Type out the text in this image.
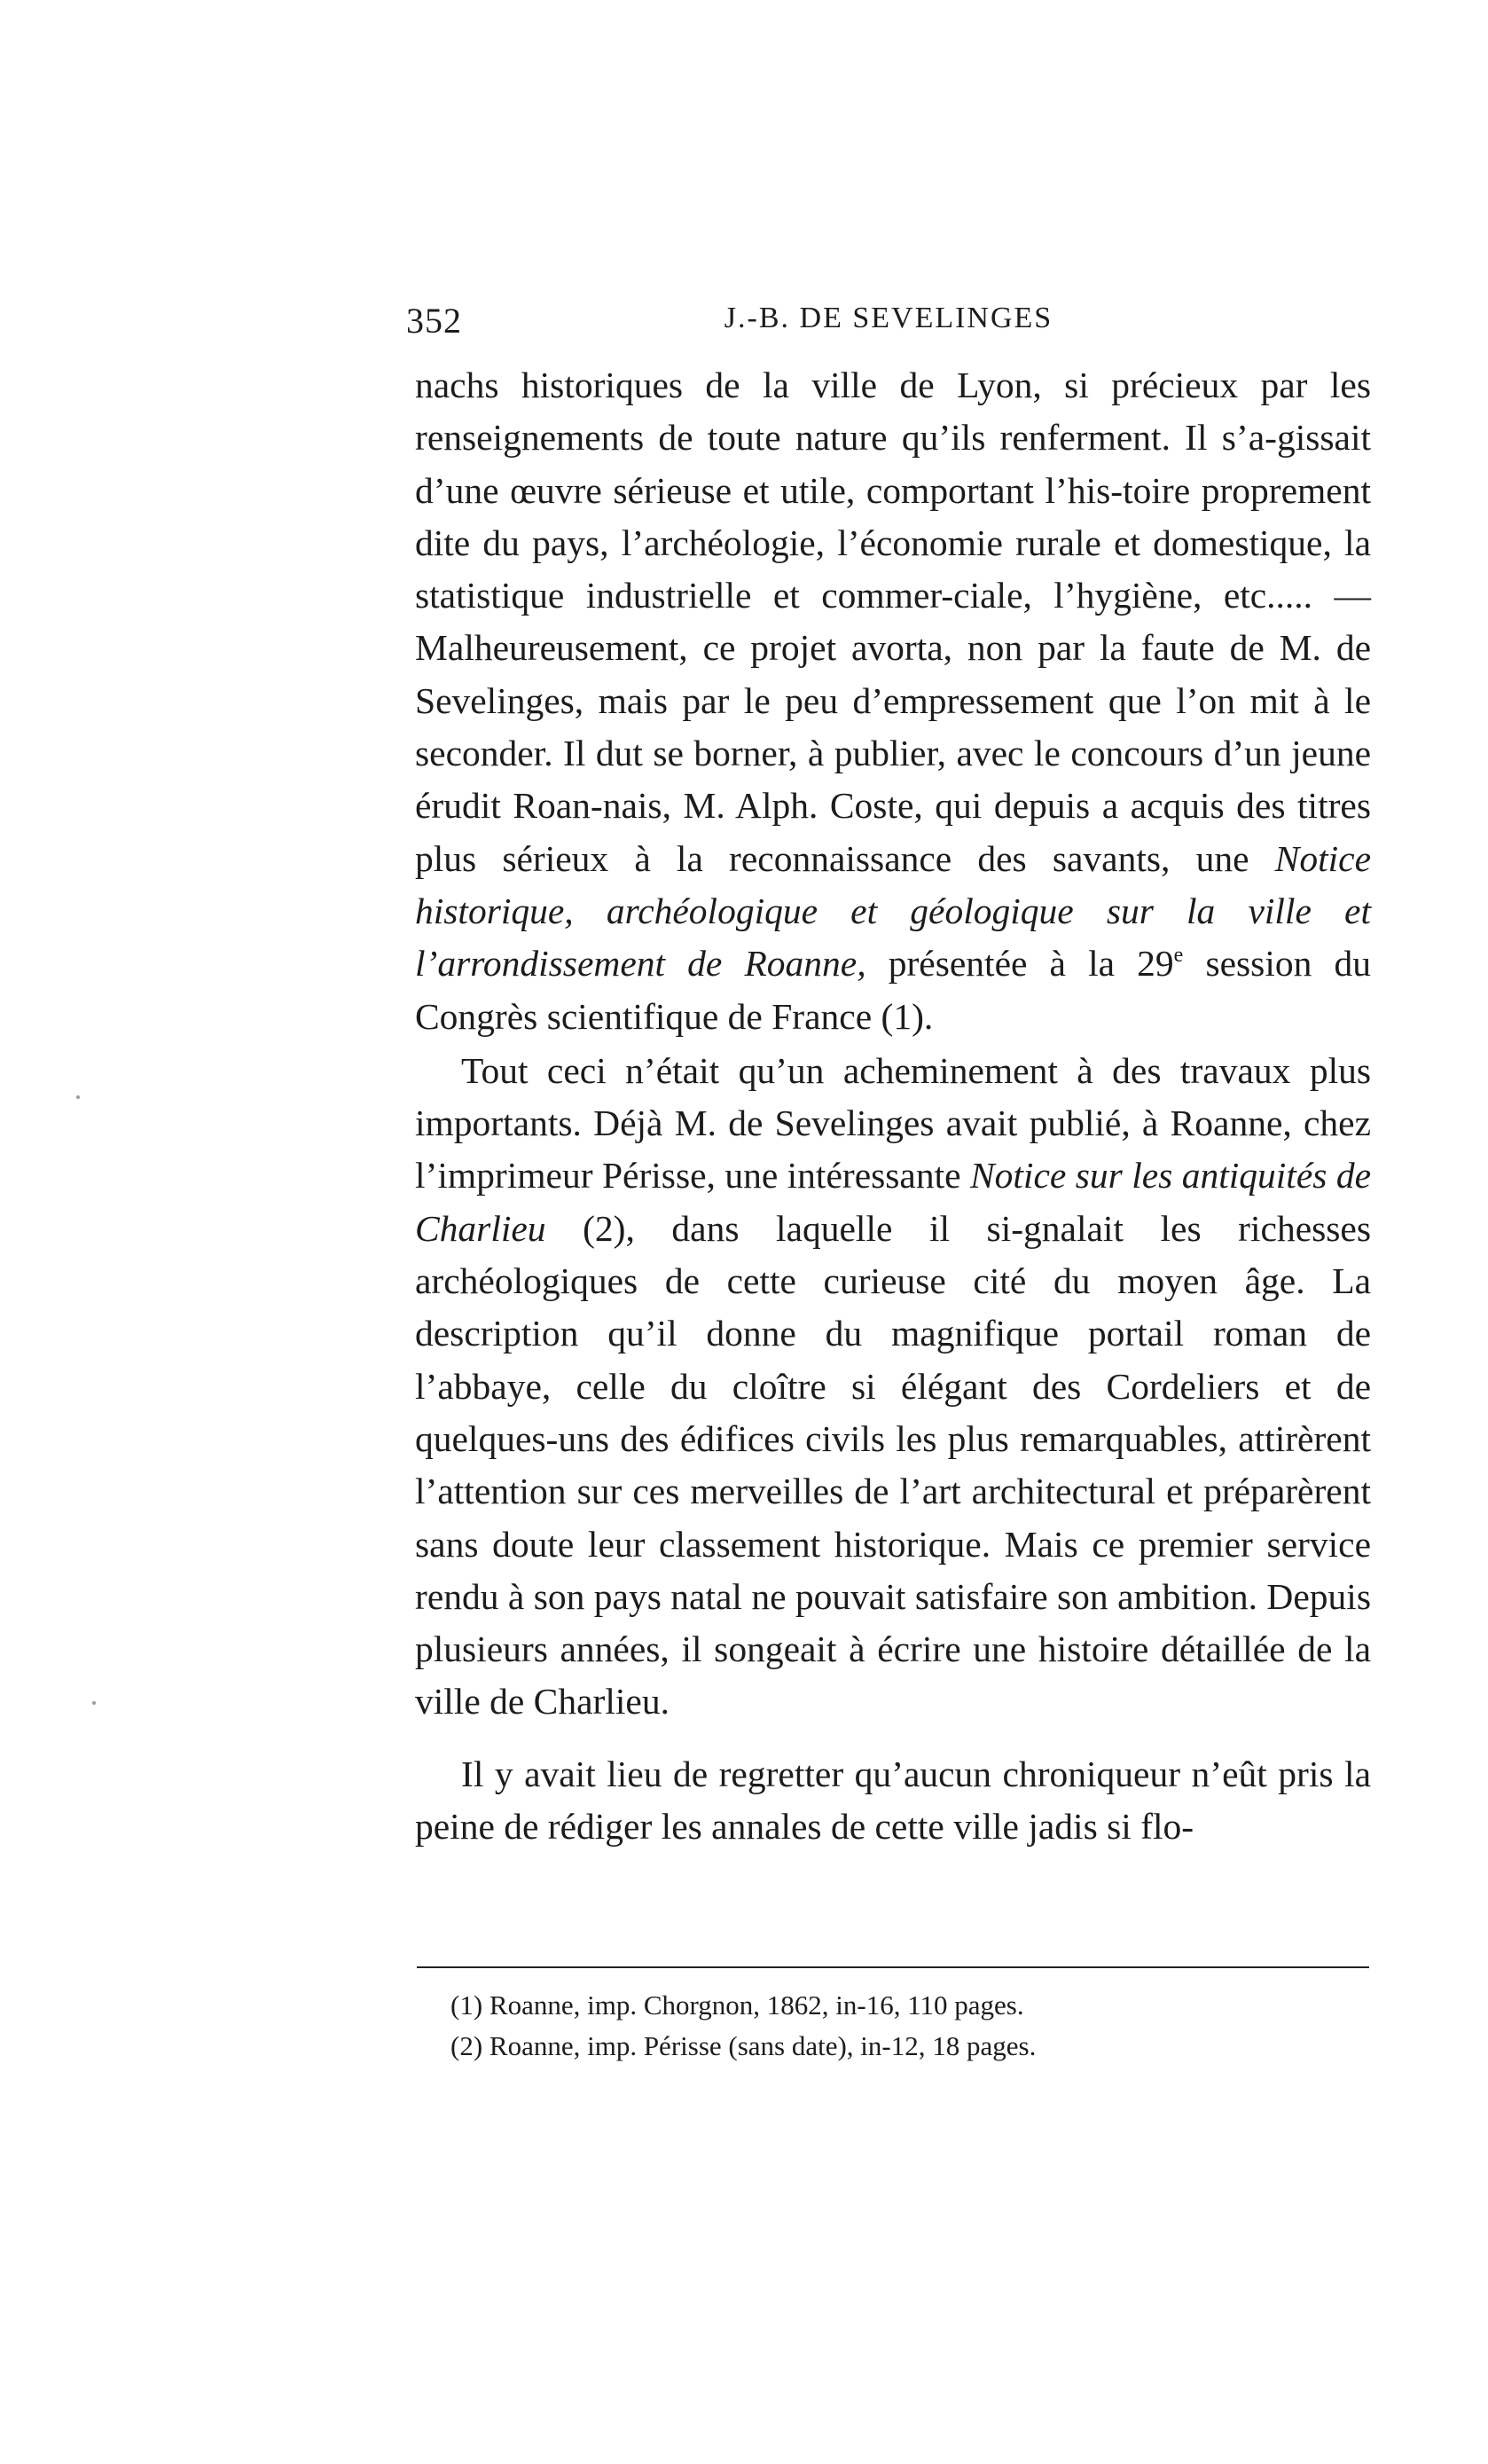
352	J.-B. DE SEVELINGES

nachs historiques de la ville de Lyon, si précieux par les renseignements de toute nature qu’ils renferment. Il s’a-gissait d’une œuvre sérieuse et utile, comportant l’his-toire proprement dite du pays, l’archéologie, l’économie rurale et domestique, la statistique industrielle et commer-ciale, l’hygiène, etc..... — Malheureusement, ce projet avorta, non par la faute de M. de Sevelinges, mais par le peu d’empressement que l’on mit à le seconder. Il dut se borner, à publier, avec le concours d’un jeune érudit Roan-nais, M. Alph. Coste, qui depuis a acquis des titres plus sérieux à la reconnaissance des savants, une Notice historique, archéologique et géologique sur la ville et l’arrondissement de Roanne, présentée à la 29e session du Congrès scientifique de France (1).

Tout ceci n’était qu’un acheminement à des travaux plus importants. Déjà M. de Sevelinges avait publié, à Roanne, chez l’imprimeur Périsse, une intéressante Notice sur les antiquités de Charlieu (2), dans laquelle il si-gnalait les richesses archéologiques de cette curieuse cité du moyen âge. La description qu’il donne du magnifique portail roman de l’abbaye, celle du cloître si élégant des Cordeliers et de quelques-uns des édifices civils les plus remarquables, attirèrent l’attention sur ces merveilles de l’art architectural et préparèrent sans doute leur classement historique. Mais ce premier service rendu à son pays natal ne pouvait satisfaire son ambition. Depuis plusieurs années, il songeait à écrire une histoire détaillée de la ville de Charlieu.

Il y avait lieu de regretter qu’aucun chroniqueur n’eût pris la peine de rédiger les annales de cette ville jadis si flo-

(1) Roanne, imp. Chorgnon, 1862, in-16, 110 pages.

(2) Roanne, imp. Périsse (sans date), in-12, 18 pages.
